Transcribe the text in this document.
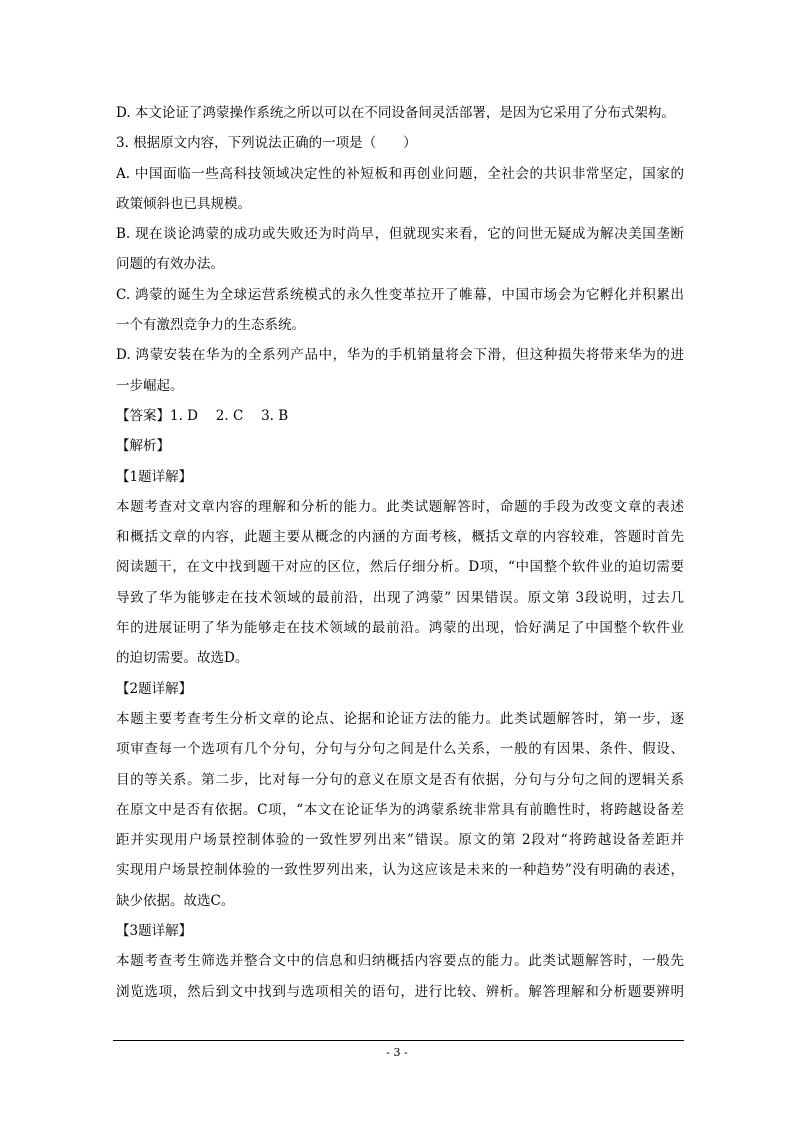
D. 本文论证了鸿蒙操作系统之所以可以在不同设备间灵活部署，是因为它采用了分布式架构。
3. 根据原文内容，下列说法正确的一项是（　　）
A. 中国面临一些高科技领域决定性的补短板和再创业问题，全社会的共识非常坚定，国家的
政策倾斜也已具规模。
B. 现在谈论鸿蒙的成功或失败还为时尚早，但就现实来看，它的问世无疑成为解决美国垄断
问题的有效办法。
C. 鸿蒙的诞生为全球运营系统模式的永久性变革拉开了帷幕，中国市场会为它孵化并积累出
一个有激烈竞争力的生态系统。
D. 鸿蒙安装在华为的全系列产品中，华为的手机销量将会下滑，但这种损失将带来华为的进
一步崛起。
【答案】1. D　 2. C　 3. B
【解析】
【1题详解】
本题考查对文章内容的理解和分析的能力。此类试题解答时，命题的手段为改变文章的表述
和概括文章的内容，此题主要从概念的内涵的方面考核，概括文章的内容较难，答题时首先
阅读题干，在文中找到题干对应的区位，然后仔细分析。D项，“中国整个软件业的迫切需要
导致了华为能够走在技术领域的最前沿，出现了鸿蒙” 因果错误。原文第 3段说明，过去几
年的进展证明了华为能够走在技术领域的最前沿。鸿蒙的出现，恰好满足了中国整个软件业
的迫切需要。故选D。
【2题详解】
本题主要考查考生分析文章的论点、论据和论证方法的能力。此类试题解答时，第一步，逐
项审查每一个选项有几个分句，分句与分句之间是什么关系，一般的有因果、条件、假设、
目的等关系。第二步，比对每一分句的意义在原文是否有依据，分句与分句之间的逻辑关系
在原文中是否有依据。C项，“本文在论证华为的鸿蒙系统非常具有前瞻性时，将跨越设备差
距并实现用户场景控制体验的一致性罗列出来”错误。原文的第 2段对“将跨越设备差距并
实现用户场景控制体验的一致性罗列出来，认为这应该是未来的一种趋势”没有明确的表述，
缺少依据。故选C。
【3题详解】
本题考查考生筛选并整合文中的信息和归纳概括内容要点的能力。此类试题解答时，一般先
浏览选项，然后到文中找到与选项相关的语句，进行比较、辨析。解答理解和分析题要辨明
- 3 -
